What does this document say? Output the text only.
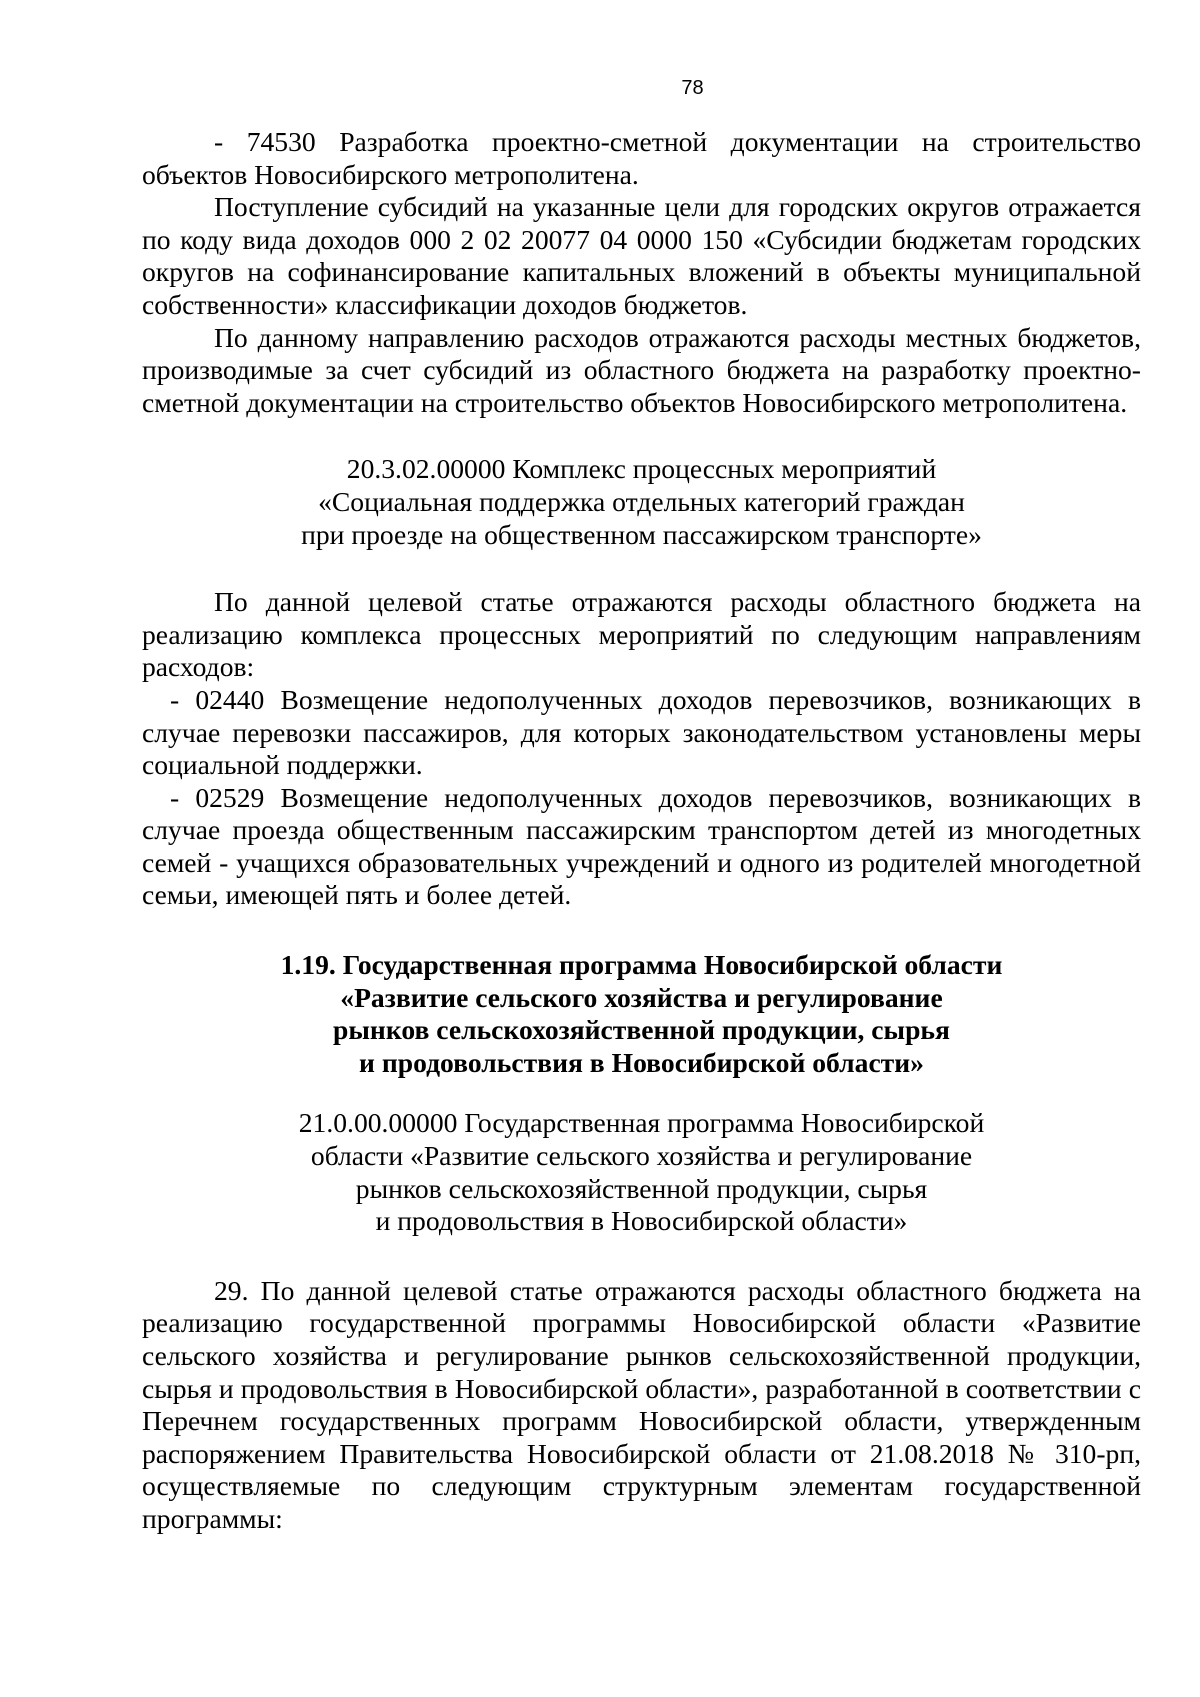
78

- 74530 Разработка проектно-сметной документации на строительство объектов Новосибирского метрополитена.

Поступление субсидий на указанные цели для городских округов отражается по коду вида доходов 000 2 02 20077 04 0000 150 «Субсидии бюджетам городских округов на софинансирование капитальных вложений в объекты муниципальной собственности» классификации доходов бюджетов.

По данному направлению расходов отражаются расходы местных бюджетов, производимые за счет субсидий из областного бюджета на разработку проектно-сметной документации на строительство объектов Новосибирского метрополитена.

20.3.02.00000 Комплекс процессных мероприятий
«Социальная поддержка отдельных категорий граждан
при проезде на общественном пассажирском транспорте»

По данной целевой статье отражаются расходы областного бюджета на реализацию комплекса процессных мероприятий по следующим направлениям расходов:

- 02440 Возмещение недополученных доходов перевозчиков, возникающих в случае перевозки пассажиров, для которых законодательством установлены меры социальной поддержки.

- 02529 Возмещение недополученных доходов перевозчиков, возникающих в случае проезда общественным пассажирским транспортом детей из многодетных семей - учащихся образовательных учреждений и одного из родителей многодетной семьи, имеющей пять и более детей.

1.19. Государственная программа Новосибирской области
«Развитие сельского хозяйства и регулирование
рынков сельскохозяйственной продукции, сырья
и продовольствия в Новосибирской области»
21.0.00.00000 Государственная программа Новосибирской
области «Развитие сельского хозяйства и регулирование
рынков сельскохозяйственной продукции, сырья
и продовольствия в Новосибирской области»

29. По данной целевой статье отражаются расходы областного бюджета на реализацию государственной программы Новосибирской области «Развитие сельского хозяйства и регулирование рынков сельскохозяйственной продукции, сырья и продовольствия в Новосибирской области», разработанной в соответствии с Перечнем государственных программ Новосибирской области, утвержденным распоряжением Правительства Новосибирской области от 21.08.2018 № 310-рп, осуществляемые по следующим структурным элементам государственной программы:
